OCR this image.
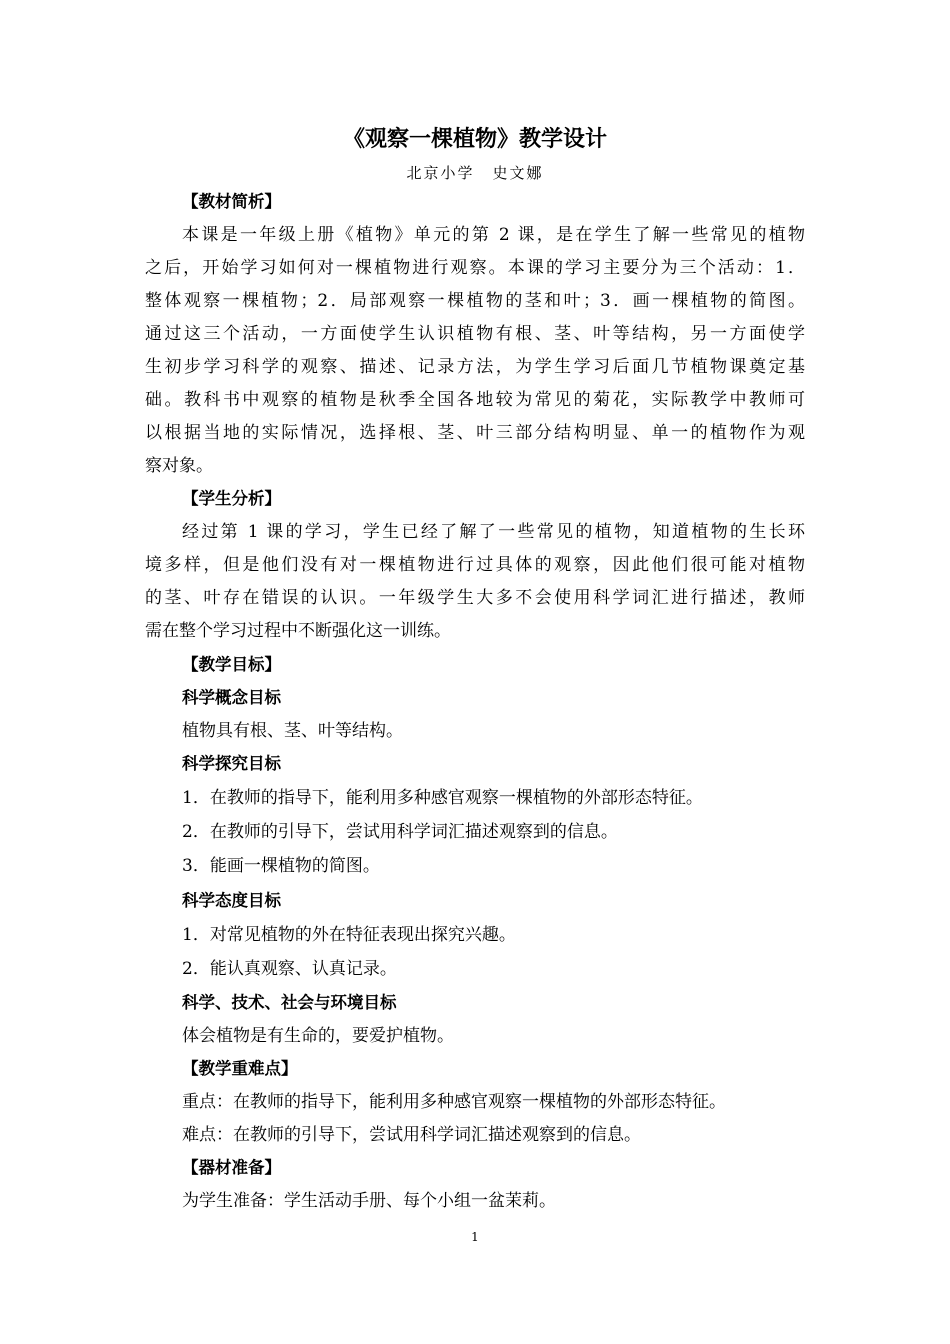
《观察一棵植物》教学设计
北京小学 史文娜
【教材简析】
本课是一年级上册《植物》单元的第 2 课，是在学生了解一些常见的植物
之后，开始学习如何对一棵植物进行观察。本课的学习主要分为三个活动：1．
整体观察一棵植物；2．局部观察一棵植物的茎和叶；3．画一棵植物的简图。
通过这三个活动，一方面使学生认识植物有根、茎、叶等结构，另一方面使学
生初步学习科学的观察、描述、记录方法，为学生学习后面几节植物课奠定基
础。教科书中观察的植物是秋季全国各地较为常见的菊花，实际教学中教师可
以根据当地的实际情况，选择根、茎、叶三部分结构明显、单一的植物作为观
察对象。
【学生分析】
经过第 1 课的学习，学生已经了解了一些常见的植物，知道植物的生长环
境多样，但是他们没有对一棵植物进行过具体的观察，因此他们很可能对植物
的茎、叶存在错误的认识。一年级学生大多不会使用科学词汇进行描述，教师
需在整个学习过程中不断强化这一训练。
【教学目标】
科学概念目标
植物具有根、茎、叶等结构。
科学探究目标
1．在教师的指导下，能利用多种感官观察一棵植物的外部形态特征。
2．在教师的引导下，尝试用科学词汇描述观察到的信息。
3．能画一棵植物的简图。
科学态度目标
1．对常见植物的外在特征表现出探究兴趣。
2．能认真观察、认真记录。
科学、技术、社会与环境目标
体会植物是有生命的，要爱护植物。
【教学重难点】
重点：在教师的指导下，能利用多种感官观察一棵植物的外部形态特征。
难点：在教师的引导下，尝试用科学词汇描述观察到的信息。
【器材准备】
为学生准备：学生活动手册、每个小组一盆茉莉。
1
